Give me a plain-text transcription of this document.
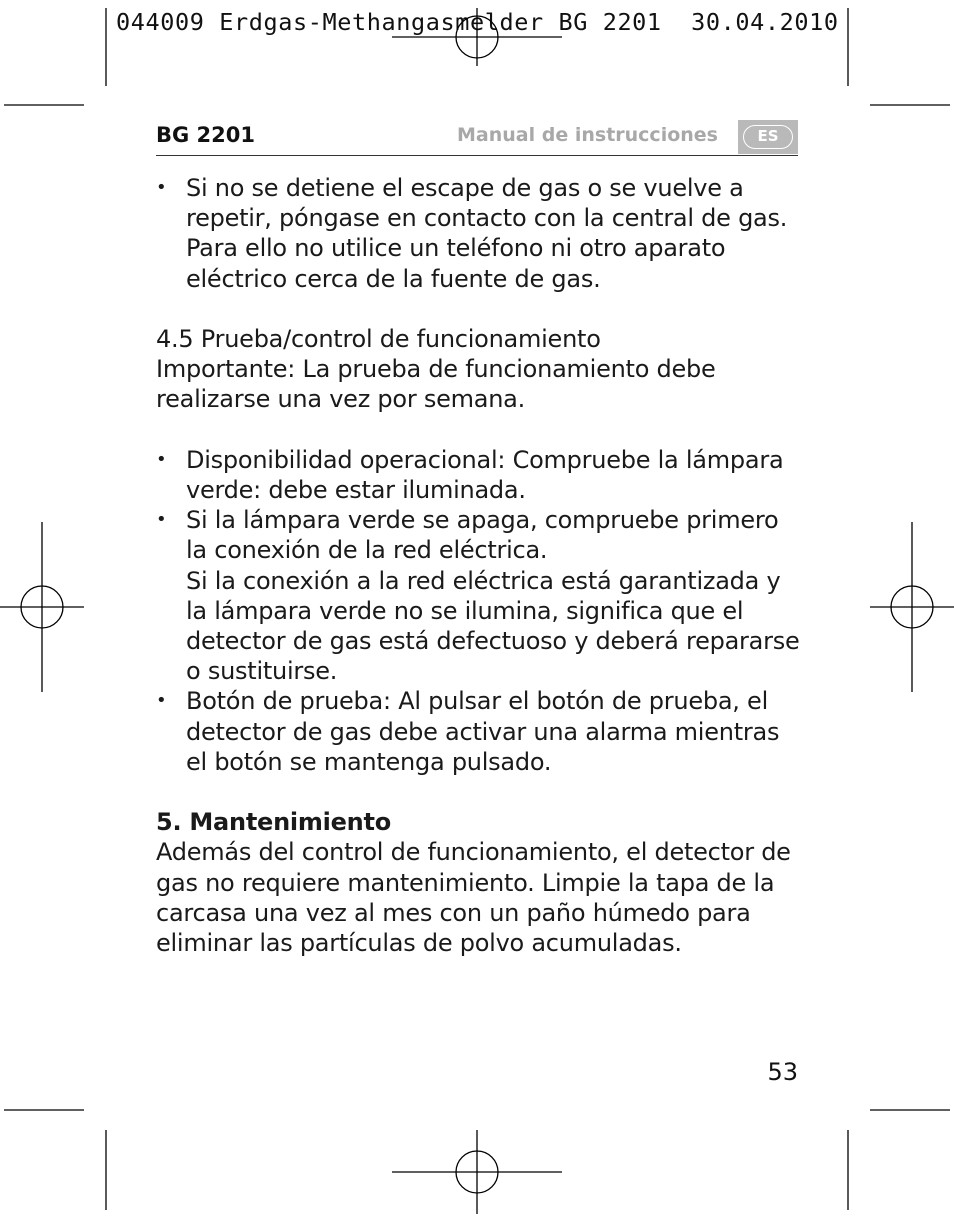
044009 Erdgas-Methangasmelder BG 2201  30.04.2010
BG 2201	Manual de instrucciones	ES
• Si no se detiene el escape de gas o se vuelve a repetir, póngase en contacto con la central de gas. Para ello no utilice un teléfono ni otro aparato eléctrico cerca de la fuente de gas.

4.5 Prueba/control de funcionamiento

Importante: La prueba de funcionamiento debe realizarse una vez por semana.

• Disponibilidad operacional: Compruebe la lámpara verde: debe estar iluminada.
• Si la lámpara verde se apaga, compruebe primero la conexión de la red eléctrica.
Si la conexión a la red eléctrica está garantizada y la lámpara verde no se ilumina, significa que el detector de gas está defectuoso y deberá repararse o sustituirse.
• Botón de prueba: Al pulsar el botón de prueba, el detector de gas debe activar una alarma mientras el botón se mantenga pulsado.

5. Mantenimiento

Además del control de funcionamiento, el detector de gas no requiere mantenimiento. Limpie la tapa de la carcasa una vez al mes con un paño húmedo para eliminar las partículas de polvo acumuladas.

53
